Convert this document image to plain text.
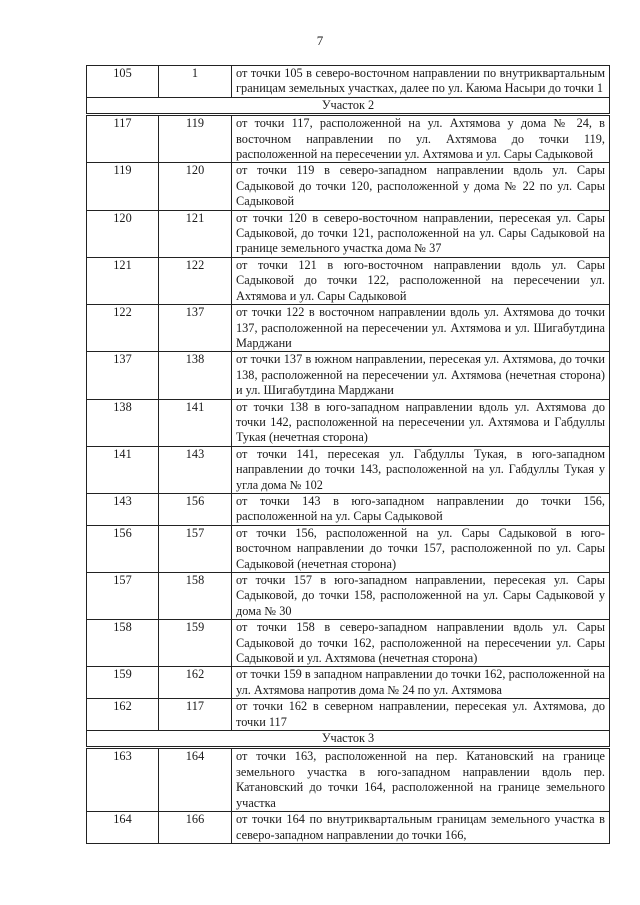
7
105	1	от точки 105 в северо-восточном направлении по внутриквартальным границам земельных участках, далее по ул. Каюма Насыри до точки 1
Участок 2		
117	119	от точки 117, расположенной на ул. Ахтямова у дома № 24, в восточном направлении по ул. Ахтямова до точки 119, расположенной на пересечении ул. Ахтямова и ул. Сары Садыковой
119	120	от точки 119 в северо-западном направлении вдоль ул. Сары Садыковой до точки 120, расположенной у дома № 22 по ул. Сары Садыковой
120	121	от точки 120 в северо-восточном направлении, пересекая ул. Сары Садыковой, до точки 121, расположенной на ул. Сары Садыковой на границе земельного участка дома № 37
121	122	от точки 121 в юго-восточном направлении вдоль ул. Сары Садыковой до точки 122, расположенной на пересечении ул. Ахтямова и ул. Сары Садыковой
122	137	от точки 122 в восточном направлении вдоль ул. Ахтямова до точки 137, расположенной на пересечении ул. Ахтямова и ул. Шигабутдина Марджани
137	138	от точки 137 в южном направлении, пересекая ул. Ахтямова, до точки 138, расположенной на пересечении ул. Ахтямова (нечетная сторона) и ул. Шигабутдина Марджани
138	141	от точки 138 в юго-западном направлении вдоль ул. Ахтямова до точки 142, расположенной на пересечении ул. Ахтямова и Габдуллы Тукая (нечетная сторона)
141	143	от точки 141, пересекая ул. Габдуллы Тукая, в юго-западном направлении до точки 143, расположенной на ул. Габдуллы Тукая у угла дома № 102
143	156	от точки 143 в юго-западном направлении до точки 156, расположенной на ул. Сары Садыковой
156	157	от точки 156, расположенной на ул. Сары Садыковой в юго-восточном направлении до точки 157, расположенной по ул. Сары Садыковой (нечетная сторона)
157	158	от точки 157 в юго-западном направлении, пересекая ул. Сары Садыковой, до точки 158, расположенной на ул. Сары Садыковой у дома № 30
158	159	от точки 158 в северо-западном направлении вдоль ул. Сары Садыковой до точки 162, расположенной на пересечении ул. Сары Садыковой и ул. Ахтямова (нечетная сторона)
159	162	от точки 159 в западном направлении до точки 162, расположенной на ул. Ахтямова напротив дома № 24 по ул. Ахтямова
162	117	от точки 162 в северном направлении, пересекая ул. Ахтямова, до точки 117
Участок 3		
163	164	от точки 163, расположенной на пер. Катановский на границе земельного участка в юго-западном направлении вдоль пер. Катановский до точки 164, расположенной на границе земельного участка
164	166	от точки 164 по внутриквартальным границам земельного участка в северо-западном направлении до точки 166,
